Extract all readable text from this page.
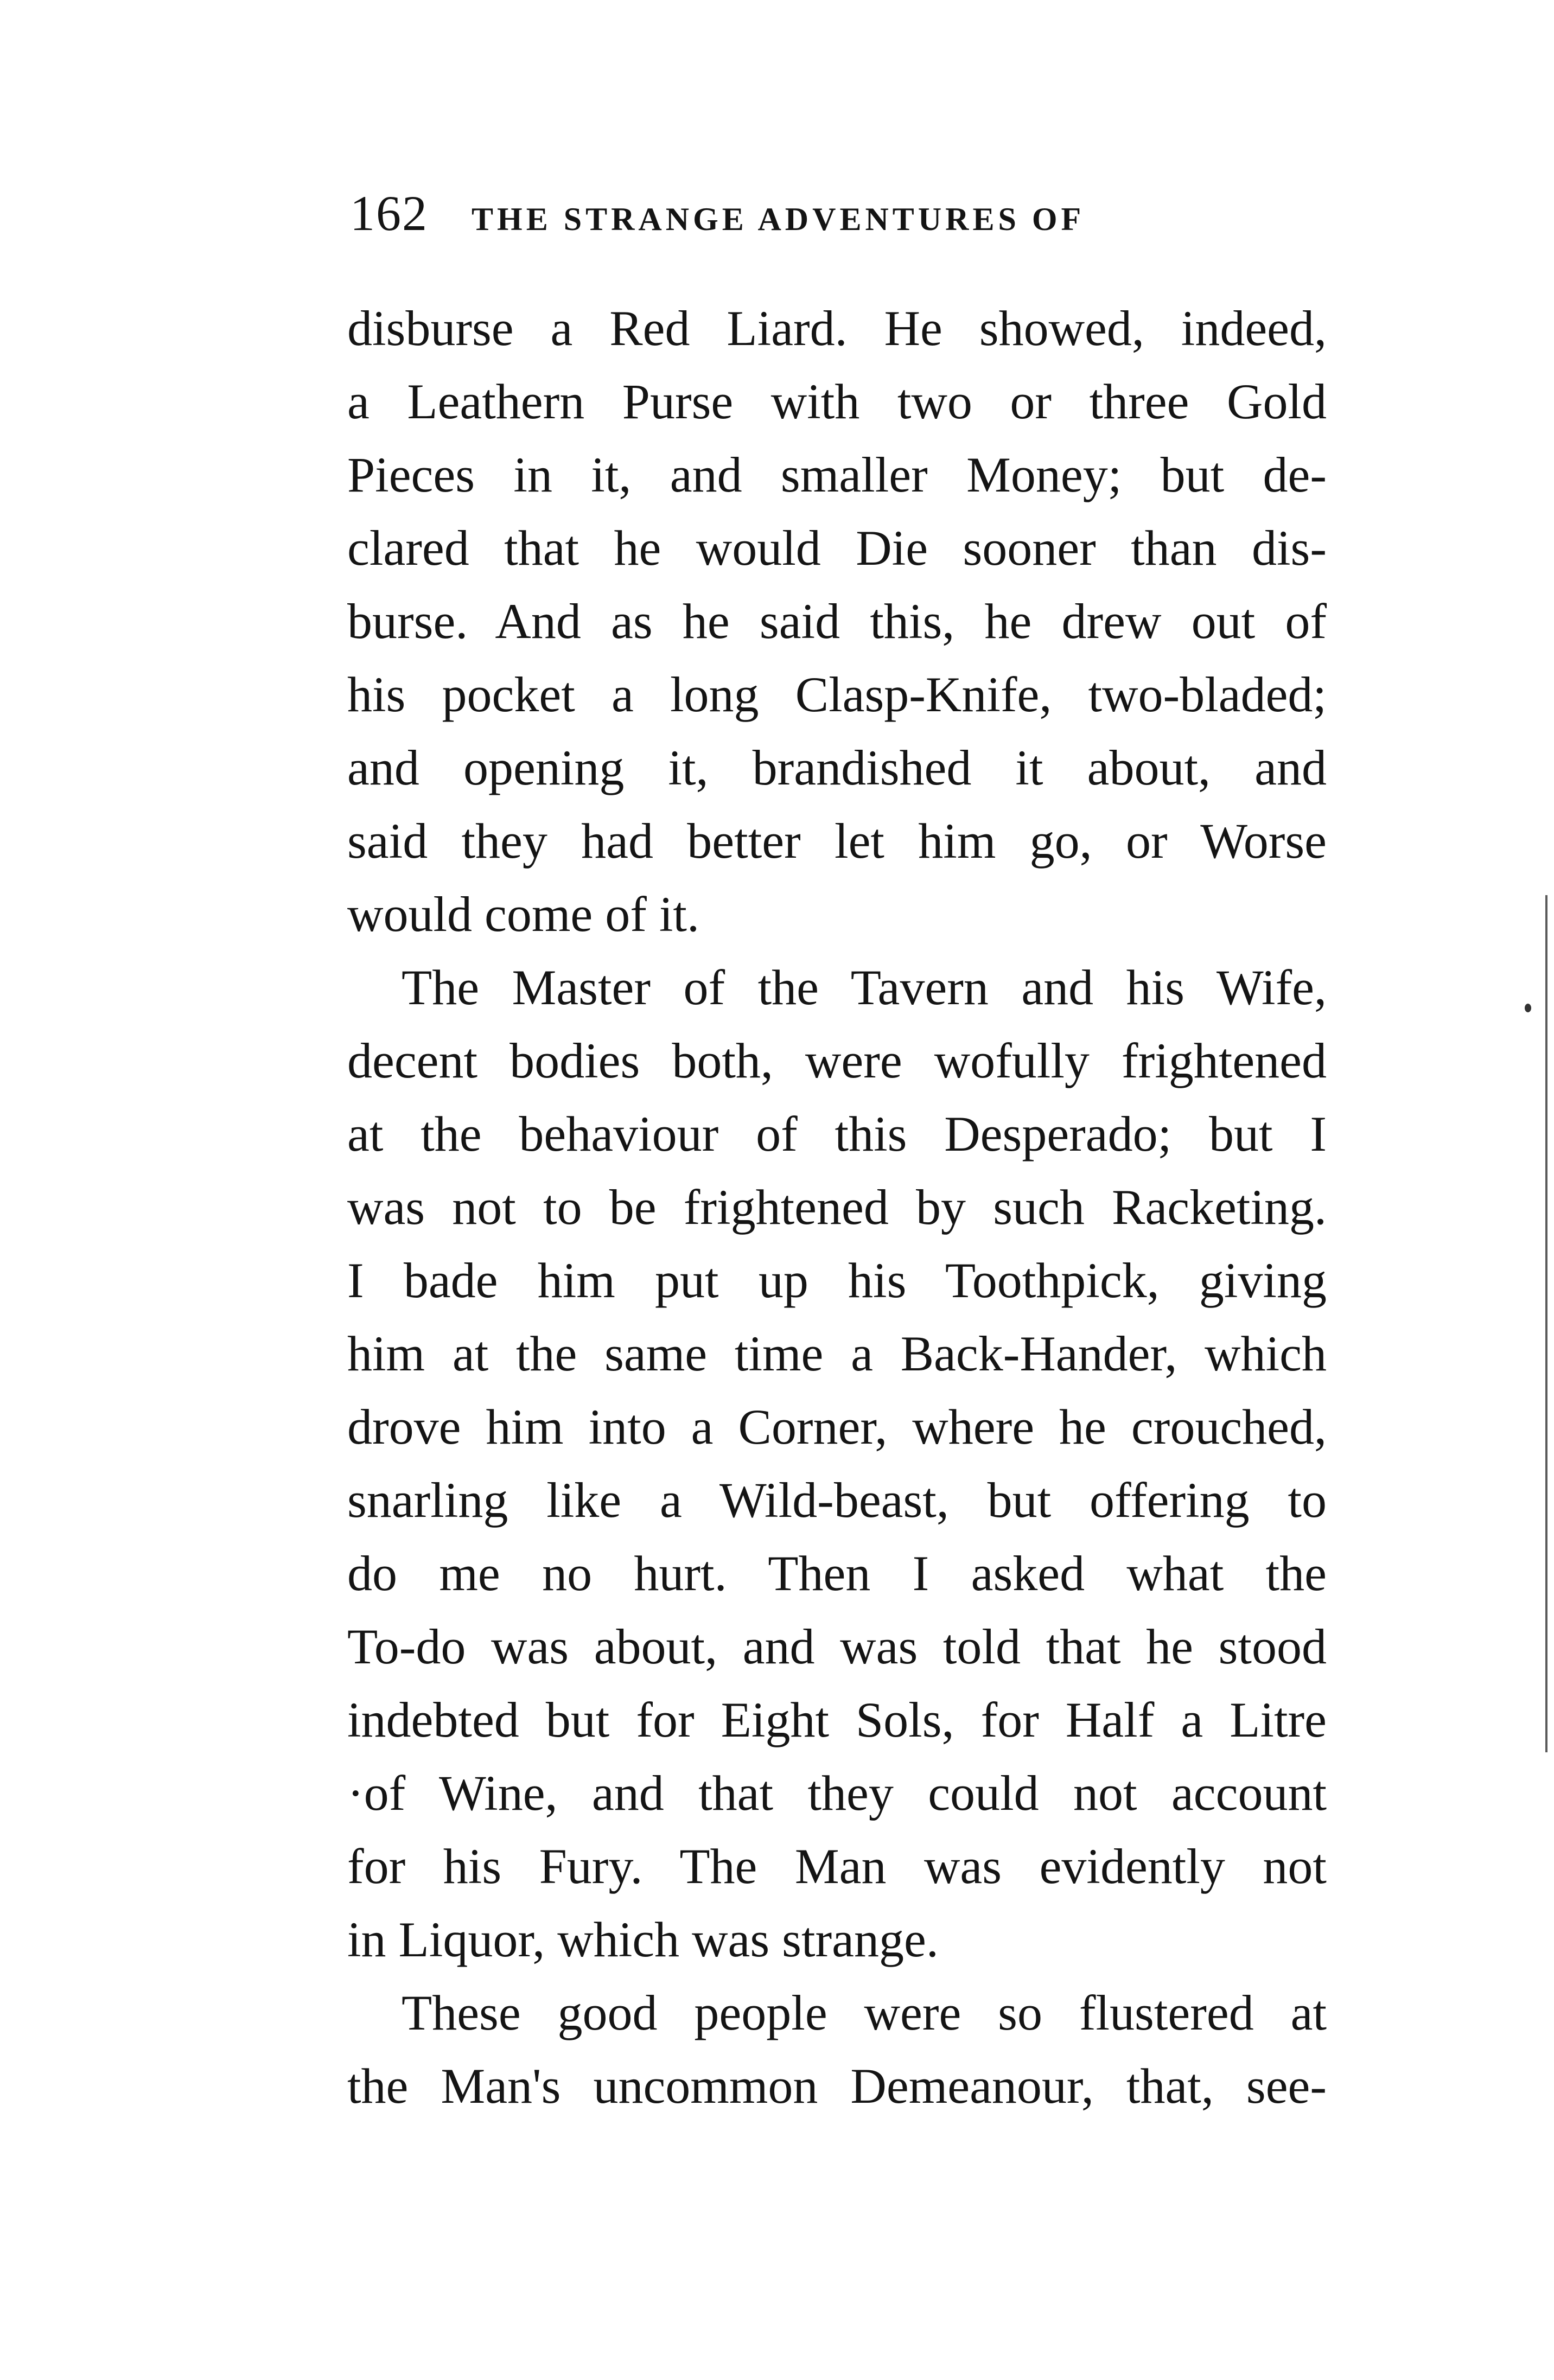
162 THE STRANGE ADVENTURES OF
disburse a Red Liard. He showed, indeed,
a Leathern Purse with two or three Gold
Pieces in it, and smaller Money; but de-
clared that he would Die sooner than dis-
burse. And as he said this, he drew out of
his pocket a long Clasp-Knife, two-bladed;
and opening it, brandished it about, and
said they had better let him go, or Worse
would come of it.
The Master of the Tavern and his Wife,
decent bodies both, were wofully frightened
at the behaviour of this Desperado; but I
was not to be frightened by such Racketing.
I bade him put up his Toothpick, giving
him at the same time a Back-Hander, which
drove him into a Corner, where he crouched,
snarling like a Wild-beast, but offering to
do me no hurt. Then I asked what the
To-do was about, and was told that he stood
indebted but for Eight Sols, for Half a Litre
·of Wine, and that they could not account
for his Fury. The Man was evidently not
in Liquor, which was strange.
These good people were so flustered at
the Man's uncommon Demeanour, that, see-
